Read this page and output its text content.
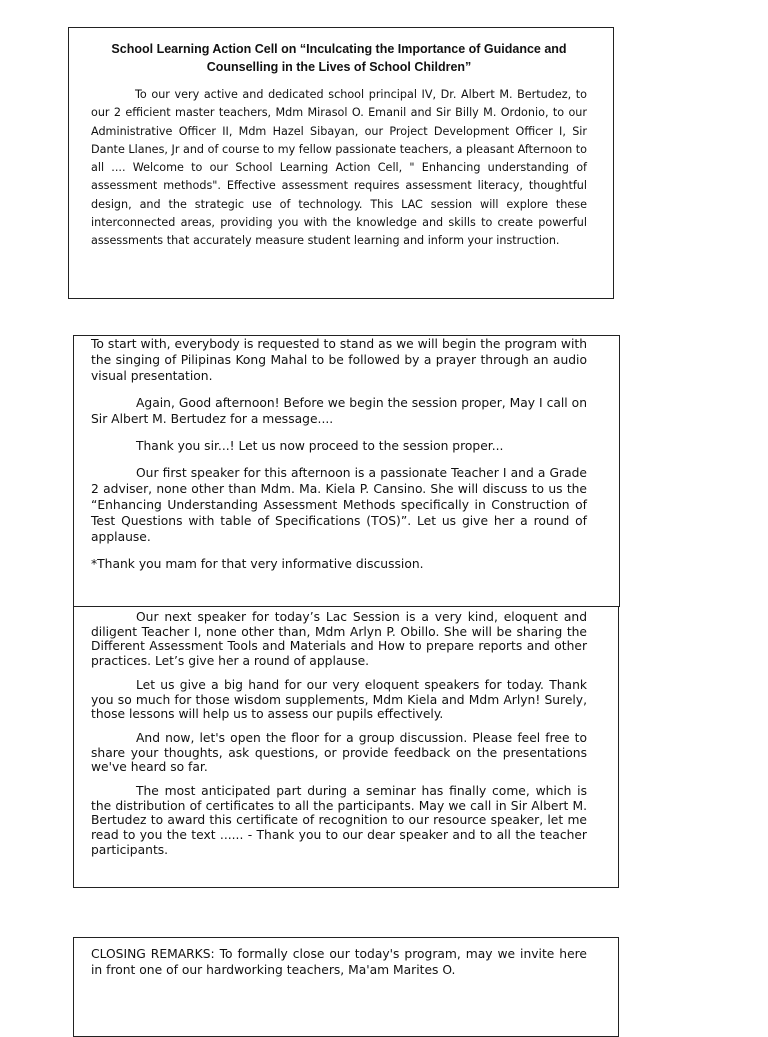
School Learning Action Cell on “Inculcating the Importance of Guidance and Counselling in the Lives of School Children”

To our very active and dedicated school principal IV, Dr. Albert M. Bertudez, to our 2 efficient master teachers, Mdm Mirasol O. Emanil and Sir Billy M. Ordonio, to our Administrative Officer II, Mdm Hazel Sibayan, our Project Development Officer I, Sir Dante Llanes, Jr and of course to my fellow passionate teachers, a pleasant Afternoon to all .... Welcome to our School Learning Action Cell, " Enhancing understanding of assessment methods". Effective assessment requires assessment literacy, thoughtful design, and the strategic use of technology. This LAC session will explore these interconnected areas, providing you with the knowledge and skills to create powerful assessments that accurately measure student learning and inform your instruction.

To start with, everybody is requested to stand as we will begin the program with the singing of Pilipinas Kong Mahal to be followed by a prayer through an audio visual presentation.

Again, Good afternoon! Before we begin the session proper, May I call on Sir Albert M. Bertudez for a message....

Thank you sir...! Let us now proceed to the session proper...

Our first speaker for this afternoon is a passionate Teacher I and a Grade 2 adviser, none other than Mdm. Ma. Kiela P. Cansino. She will discuss to us the “Enhancing Understanding Assessment Methods specifically in Construction of Test Questions with table of Specifications (TOS)”. Let us give her a round of applause.

*Thank you mam for that very informative discussion.

Our next speaker for today’s Lac Session is a very kind, eloquent and diligent Teacher I, none other than, Mdm Arlyn P. Obillo. She will be sharing the Different Assessment Tools and Materials and How to prepare reports and other practices. Let’s give her a round of applause.

Let us give a big hand for our very eloquent speakers for today. Thank you so much for those wisdom supplements, Mdm Kiela and Mdm Arlyn! Surely, those lessons will help us to assess our pupils effectively.

And now, let's open the floor for a group discussion. Please feel free to share your thoughts, ask questions, or provide feedback on the presentations we've heard so far.

The most anticipated part during a seminar has finally come, which is the distribution of certificates to all the participants. May we call in Sir Albert M. Bertudez to award this certificate of recognition to our resource speaker, let me read to you the text ...... - Thank you to our dear speaker and to all the teacher participants.

CLOSING REMARKS: To formally close our today's program, may we invite here in front one of our hardworking teachers, Ma'am Marites O.
